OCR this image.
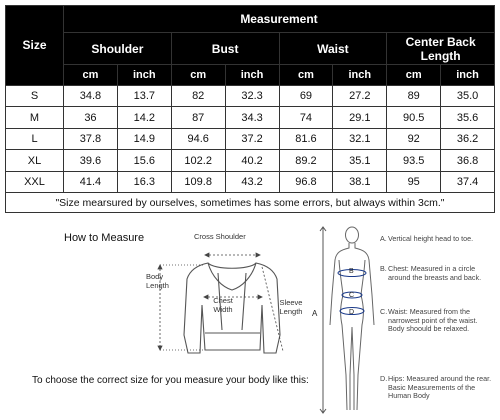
Size	Measurement							
	Shoulder		Bust		Waist		Center Back Length	
	cm	inch	cm	inch	cm	inch	cm	inch
S	34.8	13.7	82	32.3	69	27.2	89	35.0
M	36	14.2	87	34.3	74	29.1	90.5	35.6
L	37.8	14.9	94.6	37.2	81.6	32.1	92	36.2
XL	39.6	15.6	102.2	40.2	89.2	35.1	93.5	36.8
XXL	41.4	16.3	109.8	43.2	96.8	38.1	95	37.4
"Size mearsured by ourselves, sometimes has some errors, but always within 3cm."								
How to Measure	Cross Shoulder
Body Length
Chest Width
Sleeve Length	A
B
C
D
A. Vertical height head to toe.
B. Chest: Measured in a circle around the breasts and back.
C. Waist: Measured from the narrowest point of the waist. Body shoould be relaxed.
D. Hips: Measured around the rear. Basic Measurements of the Human Body
To choose the correct size for you measure your body like this:
